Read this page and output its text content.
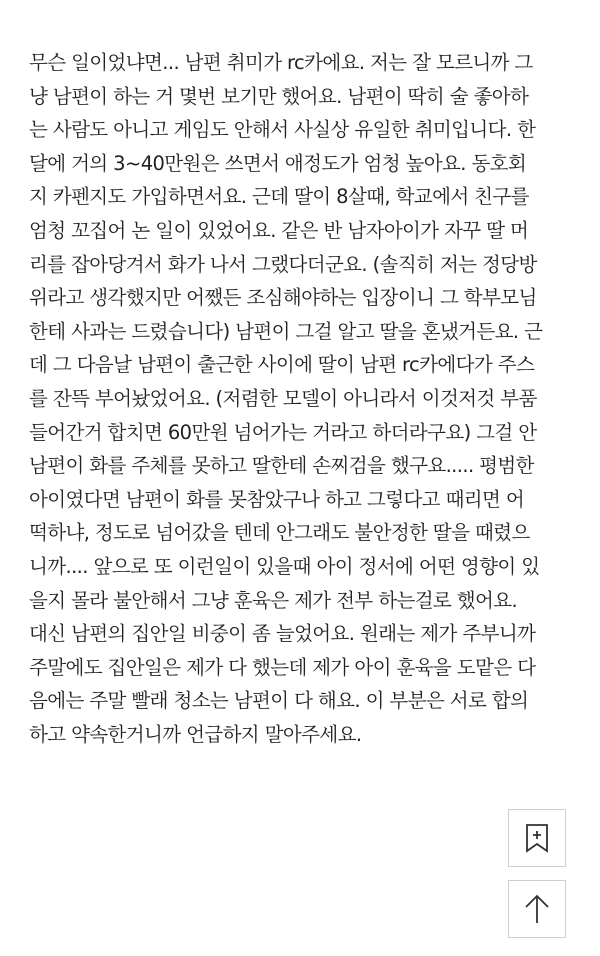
무슨 일이었냐면... 남편 취미가 rc카에요. 저는 잘 모르니까 그
냥 남편이 하는 거 몇번 보기만 했어요. 남편이 딱히 술 좋아하
는 사람도 아니고 게임도 안해서 사실상 유일한 취미입니다. 한
달에 거의 3~40만원은 쓰면서 애정도가 엄청 높아요. 동호회
지 카펜지도 가입하면서요. 근데 딸이 8살때, 학교에서 친구를
엄청 꼬집어 논 일이 있었어요. 같은 반 남자아이가 자꾸 딸 머
리를 잡아당겨서 화가 나서 그랬다더군요. (솔직히 저는 정당방
위라고 생각했지만 어쨌든 조심해야하는 입장이니 그 학부모님
한테 사과는 드렸습니다) 남편이 그걸 알고 딸을 혼냈거든요. 근
데 그 다음날 남편이 출근한 사이에 딸이 남편 rc카에다가 주스
를 잔뜩 부어놨었어요. (저렴한 모델이 아니라서 이것저것 부품
들어간거 합치면 60만원 넘어가는 거라고 하더라구요) 그걸 안
남편이 화를 주체를 못하고 딸한테 손찌검을 했구요..... 평범한
아이였다면 남편이 화를 못참았구나 하고 그렇다고 때리면 어
떡하냐, 정도로 넘어갔을 텐데 안그래도 불안정한 딸을 때렸으
니까.... 앞으로 또 이런일이 있을때 아이 정서에 어떤 영향이 있
을지 몰라 불안해서 그냥 훈육은 제가 전부 하는걸로 했어요.
대신 남편의 집안일 비중이 좀 늘었어요. 원래는 제가 주부니까
주말에도 집안일은 제가 다 했는데 제가 아이 훈육을 도맡은 다
음에는 주말 빨래 청소는 남편이 다 해요. 이 부분은 서로 합의
하고 약속한거니까 언급하지 말아주세요.
